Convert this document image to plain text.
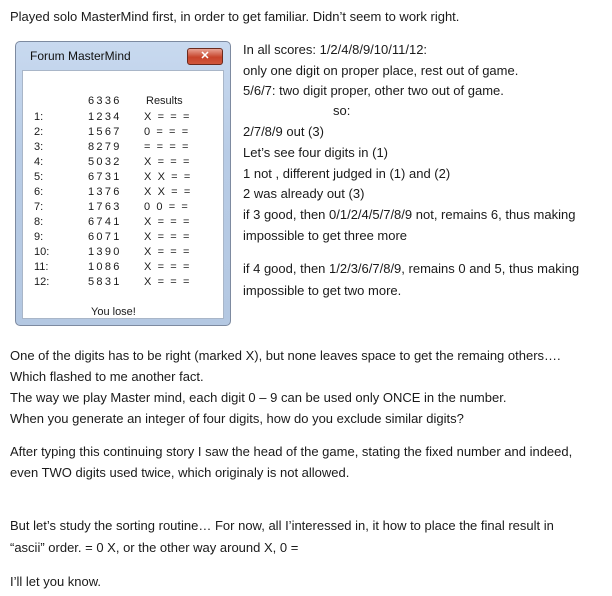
Played solo MasterMind first, in order to get familiar. Didn’t seem to work right.
Forum MasterMind	✕
6336 Results
1:	1234 X = = =
2:	1567 0 = = =
3:	8279 = = = =
4:	5032 X = = =
5:	6731 X X = =
6:	1376 X X = =
7:	1763 0 0 = =
8:	6741 X = = =
9:	6071 X = = =
10:	1390 X = = =
11:	1086 X = = =
12:	5831 X = = =
You lose!
In all scores: 1/2/4/8/9/10/11/12:
only one digit on proper place, rest out of game.
5/6/7: two digit proper, other two out of game.
so:
2/7/8/9 out (3)
Let’s see four digits in (1)
1 not , different judged in (1) and (2)
2 was already out (3)
if 3 good, then 0/1/2/4/5/7/8/9 not, remains 6, thus making
impossible to get three more
if 4 good, then 1/2/3/6/7/8/9, remains 0 and 5, thus making
impossible to get two more.
One of the digits has to be right (marked X), but none leaves space to get the remaing others….
Which flashed to me another fact.
The way we play Master mind, each digit 0 – 9 can be used only ONCE in the number.
When you generate an integer of four digits, how do you exclude similar digits?
After typing this continuing story I saw the head of the game, stating the fixed number and indeed,
even TWO digits used twice, which originaly is not allowed.
But let’s study the sorting routine… For now, all I’interessed in, it how to place the final result in
“ascii” order. = 0 X, or the other way around X, 0 =
I’ll let you know.
